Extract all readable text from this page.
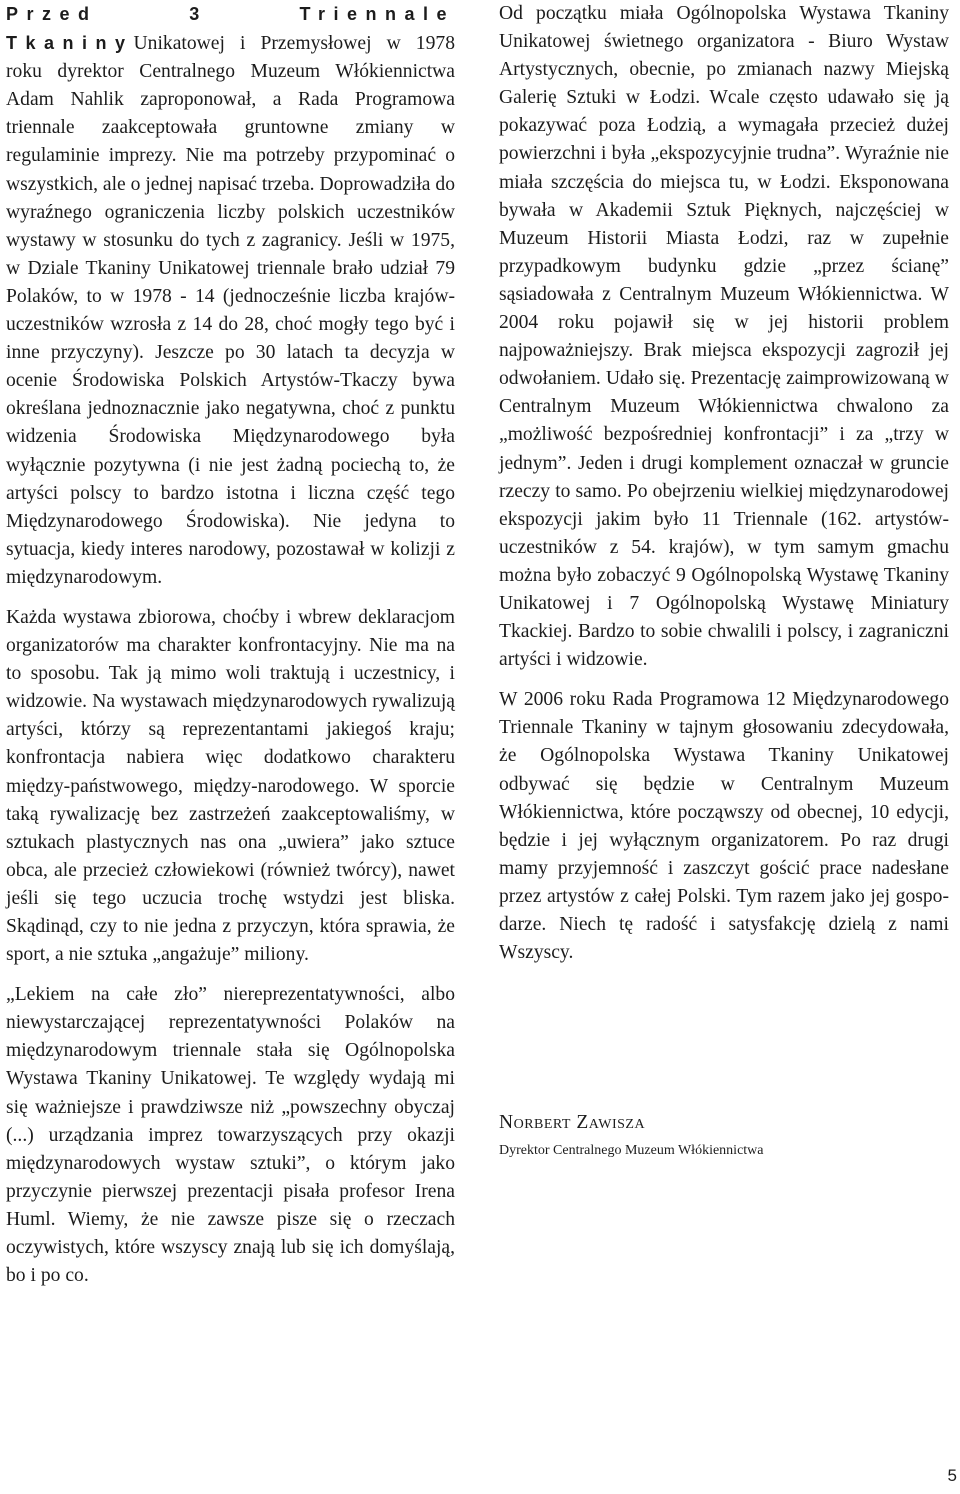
Przed 3 Triennale TkaninyUnikatowej i Przemysłowej w 1978 roku dyrektor Centralnego Muzeum Włókiennictwa Adam Nahlik zaproponował, a Rada Programowa triennale zaakceptowała gruntowne zmiany w regulaminie imprezy. Nie ma potrzeby przypominać o wszystkich, ale o jednej napisać trzeba. Doprowadziła do wyraźnego ograniczenia liczby polskich uczestników wystawy w stosunku do tych z zagranicy. Jeśli w 1975, w Dziale Tkaniny Unikatowej triennale brało udział 79 Polaków, to w 1978 - 14 (jednocześnie liczba krajów-uczestników wzrosła z 14 do 28, choć mogły tego być i inne przyczyny). Jeszcze po 30 latach ta decyzja w ocenie Środowiska Polskich Artystów-Tkaczy bywa określana jednoznacznie jako negatywna, choć z punktu widzenia Środowiska Międzynarodowego była wyłącznie pozytywna (i nie jest żadną pociechą to, że artyści polscy to bardzo istotna i liczna część tego Międzynarodowego Środowiska). Nie jedyna to sytuacja, kiedy interes narodowy, pozostawał w kolizji z międzynarodowym.

Każda wystawa zbiorowa, choćby i wbrew deklaracjom organizatorów ma charakter konfrontacyjny. Nie ma na to sposobu. Tak ją mimo woli traktują i uczestnicy, i widzowie. Na wystawach międzynarodowych rywalizują artyści, którzy są reprezentantami jakiegoś kraju; konfrontacja nabiera więc dodatkowo charakteru między-państwowego, między-narodowego. W sporcie taką rywalizację bez zastrzeżeń zaakceptowaliśmy, w sztukach plastycznych nas ona „uwiera” jako sztuce obca, ale przecież człowiekowi (również twórcy), nawet jeśli się tego uczucia trochę wstydzi jest bliska. Skądinąd, czy to nie jedna z przyczyn, która sprawia, że sport, a nie sztuka „angażuje” miliony.

„Lekiem na całe zło” niereprezentatywności, albo niewystarczającej reprezentatywności Polaków na międzynarodowym triennale stała się Ogólnopolska Wystawa Tkaniny Unikatowej. Te względy wydają mi się ważniejsze i prawdziwsze niż „powszechny obyczaj (...) urządzania imprez towarzyszących przy okazji międzynarodowych wystaw sztuki”, o którym jako przyczynie pierwszej prezentacji pisała profesor Irena Huml. Wiemy, że nie zawsze pisze się o rzeczach oczywistych, które wszyscy znają lub się ich domyślają, bo i po co.

Od początku miała Ogólnopolska Wystawa Tkaniny Unikatowej świetnego organizatora - Biuro Wystaw Artystycznych, obecnie, po zmianach nazwy Miejską Galerię Sztuki w Łodzi. Wcale często udawało się ją pokazywać poza Łodzią, a wymagała przecież dużej powierzchni i była „ekspozycyjnie trudna”. Wyraźnie nie miała szczęścia do miejsca tu, w Łodzi. Eksponowana bywała w Akademii Sztuk Pięknych, najczęściej w Muzeum Historii Miasta Łodzi, raz w zupełnie przypadkowym budynku gdzie „przez ścianę” sąsiadowała z Centralnym Muzeum Włókiennictwa. W 2004 roku pojawił się w jej historii problem najpoważniejszy. Brak miejsca ekspozycji zagroził jej odwołaniem. Udało się. Prezentację zaimprowizowaną w Centralnym Muzeum Włókiennictwa chwalono za „możliwość bezpośredniej konfrontacji” i za „trzy w jednym”. Jeden i drugi komplement oznaczał w gruncie rzeczy to samo. Po obejrzeniu wielkiej międzynarodowej ekspozycji jakim było 11 Triennale (162. artystów-uczestników z 54. krajów), w tym samym gmachu można było zobaczyć 9 Ogólnopolską Wystawę Tkaniny Unikatowej i 7 Ogólnopolską Wystawę Miniatury Tkackiej. Bardzo to sobie chwalili i polscy, i zagraniczni artyści i widzowie.

W 2006 roku Rada Programowa 12 Międzynarodowego Triennale Tkaniny w tajnym głosowaniu zdecydowała, że Ogólnopolska Wystawa Tkaniny Unikatowej odbywać się będzie w Centralnym Muzeum Włókiennictwa, które począwszy od obecnej, 10 edycji, będzie i jej wyłącznym organizatorem. Po raz drugi mamy przyjemność i zaszczyt gościć prace nadesłane przez artystów z całej Polski. Tym razem jako jej gospodarze. Niech tę radość i satysfakcję dzielą z nami Wszyscy.

Norbert Zawisza
Dyrektor Centralnego Muzeum Włókiennictwa
5
